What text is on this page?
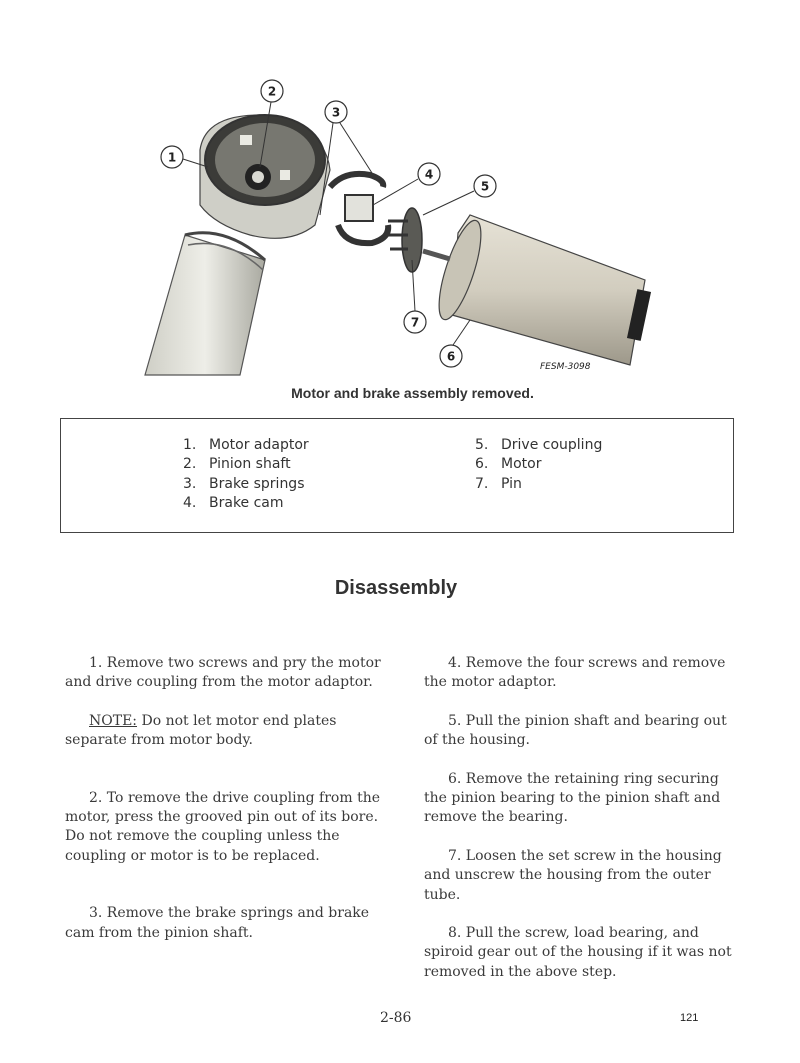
1
2
3
4
5
6
7
FESM-3098
Motor and brake assembly removed.
1. Motor adaptor
2. Pinion shaft
3. Brake springs
4. Brake cam
5. Drive coupling
6. Motor
7. Pin
Disassembly

1. Remove two screws and pry the motor and drive coupling from the motor adaptor.

NOTE: Do not let motor end plates separate from motor body.

2. To remove the drive coupling from the motor, press the grooved pin out of its bore. Do not remove the coupling unless the coupling or motor is to be replaced.

3. Remove the brake springs and brake cam from the pinion shaft.

4. Remove the four screws and remove the motor adaptor.

5. Pull the pinion shaft and bearing out of the housing.

6. Remove the retaining ring securing the pinion bearing to the pinion shaft and remove the bearing.

7. Loosen the set screw in the housing and unscrew the housing from the outer tube.

8. Pull the screw, load bearing, and spiroid gear out of the housing if it was not removed in the above step.

2-86	121
